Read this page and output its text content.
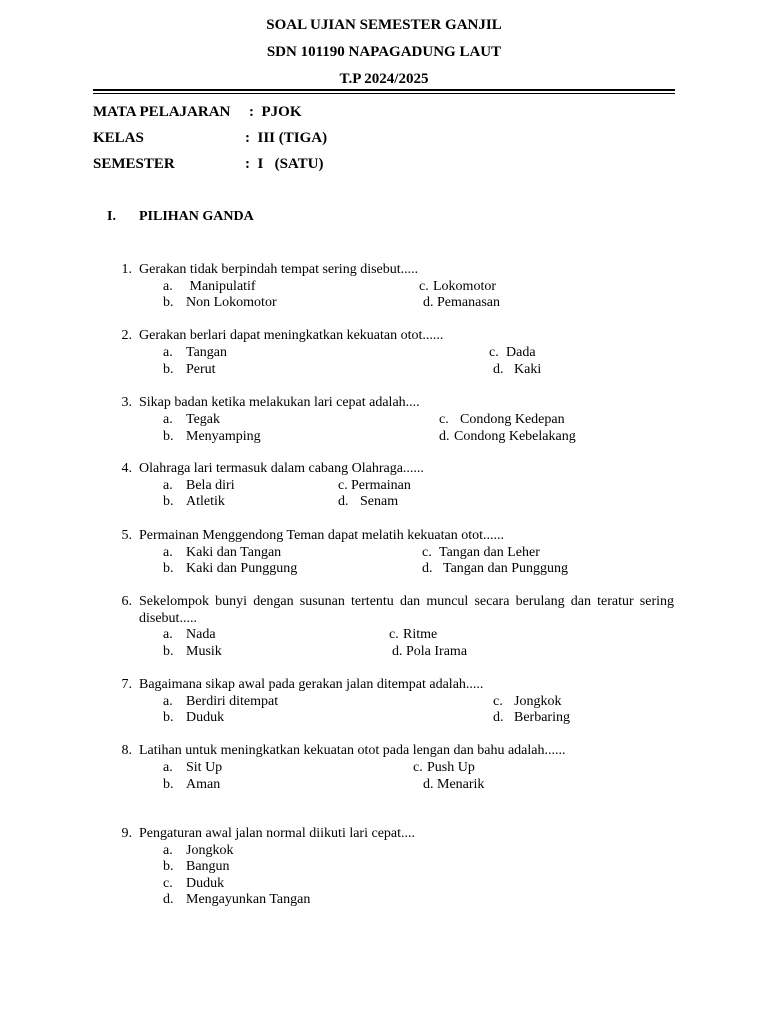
SOAL UJIAN SEMESTER GANJIL
SDN 101190 NAPAGADUNG LAUT
T.P 2024/2025
MATA PELAJARAN :  PJOK
KELAS	:  III (TIGA)
SEMESTER	:  I   (SATU)
I. PILIHAN GANDA
1. Gerakan tidak berpindah tempat sering disebut.....
a. Manipulatif
b. Non Lokomotor
c. Lokomotor
d. Pemanasan
2. Gerakan berlari dapat meningkatkan kekuatan otot......
a. Tangan
b. Perut
c. Dada
d. Kaki
3. Sikap badan ketika melakukan lari cepat adalah....
a. Tegak
b. Menyamping
c. Condong Kedepan
d. Condong Kebelakang
4. Olahraga lari termasuk dalam cabang Olahraga......
a. Bela diri
b. Atletik
c. Permainan
d. Senam
5. Permainan Menggendong Teman dapat melatih kekuatan otot......
a. Kaki dan Tangan
b. Kaki dan Punggung
c. Tangan dan Leher
d. Tangan dan Punggung
6. Sekelompok bunyi dengan susunan tertentu dan muncul secara berulang dan teratur sering disebut.....
a. Nada
b. Musik
c. Ritme
d. Pola Irama
7. Bagaimana sikap awal pada gerakan jalan ditempat adalah.....
a. Berdiri ditempat
b. Duduk
c. Jongkok
d. Berbaring
8. Latihan untuk meningkatkan kekuatan otot pada lengan dan bahu adalah......
a. Sit Up
b. Aman
c. Push Up
d. Menarik
9. Pengaturan awal jalan normal diikuti lari cepat....
a. Jongkok
b. Bangun
c. Duduk
d. Mengayunkan Tangan
